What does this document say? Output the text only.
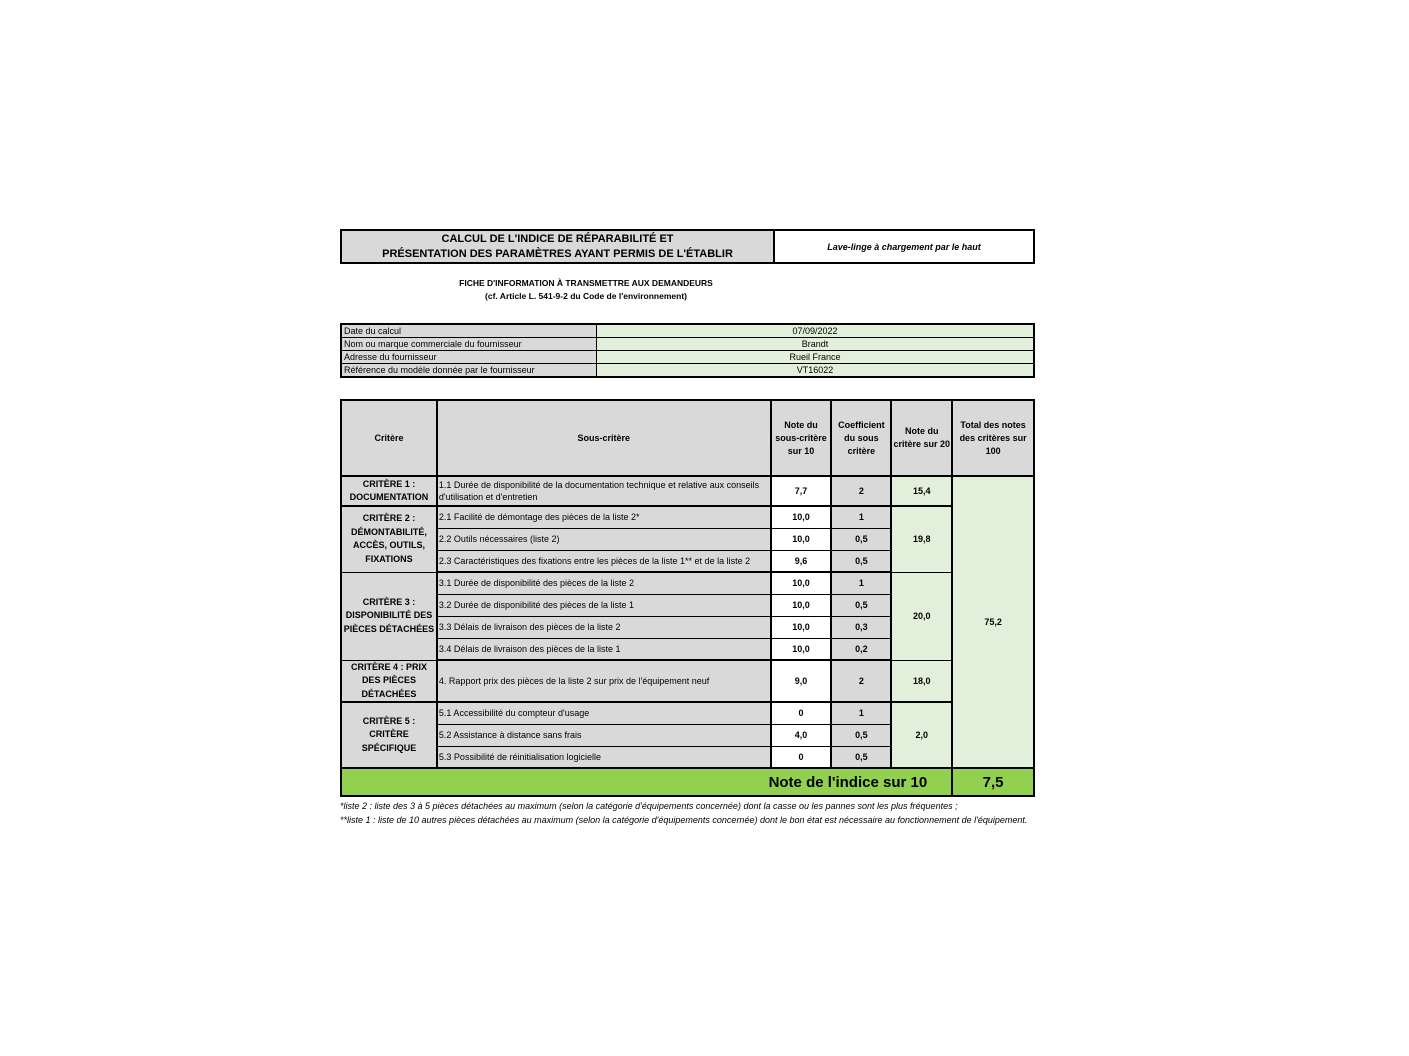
CALCUL DE L'INDICE DE RÉPARABILITÉ ET
PRÉSENTATION DES PARAMÈTRES AYANT PERMIS DE L'ÉTABLIR
Lave-linge à chargement par le haut
FICHE D'INFORMATION À TRANSMETTRE AUX DEMANDEURS
(cf. Article L. 541-9-2 du Code de l'environnement)
Date du calcul	07/09/2022
Nom ou marque commerciale du fournisseur	Brandt
Adresse du fournisseur	Rueil France
Référence du modèle donnée par le fournisseur	VT16022
Critère	Sous-critère	Note du sous-critère sur 10	Coefficient du sous critère	Note du critère sur 20	Total des notes des critères sur 100
CRITÈRE 1 : DOCUMENTATION	1.1 Durée de disponibilité de la documentation technique et relative aux conseils d'utilisation et d'entretien	7,7	2	15,4	75,2
CRITÈRE 2 : DÉMONTABILITÉ, ACCÈS, OUTILS, FIXATIONS	2.1 Facilité de démontage des pièces de la liste 2*	10,0	1	19,8	
	2.2 Outils nécessaires (liste 2)	10,0	0,5		
	2.3 Caractéristiques des fixations entre les pièces de la liste 1** et de la liste 2	9,6	0,5		
CRITÈRE 3 : DISPONIBILITÉ DES PIÈCES DÉTACHÉES	3.1 Durée de disponibilité des pièces de la liste 2	10,0	1	20,0	
	3.2 Durée de disponibilité des pièces de la liste 1	10,0	0,5		
	3.3 Délais de livraison des pièces de la liste 2	10,0	0,3		
	3.4 Délais de livraison des pièces de la liste 1	10,0	0,2		
CRITÈRE 4 : PRIX DES PIÈCES DÉTACHÉES	4. Rapport prix des pièces de la liste 2 sur prix de l'équipement neuf	9,0	2	18,0	
CRITÈRE 5 : CRITÈRE SPÉCIFIQUE	5.1 Accessibilité du compteur d'usage	0	1	2,0	
	5.2 Assistance à distance sans frais	4,0	0,5		
	5.3 Possibilité de réinitialisation logicielle	0	0,5		
Note de l'indice sur 10					7,5
*liste 2 : liste des 3 à 5 pièces détachées au maximum (selon la catégorie d'équipements concernée) dont la casse ou les pannes sont les plus fréquentes ;
**liste 1 : liste de 10 autres pièces détachées au maximum (selon la catégorie d'équipements concernée) dont le bon état est nécessaire au fonctionnement de l'équipement.
